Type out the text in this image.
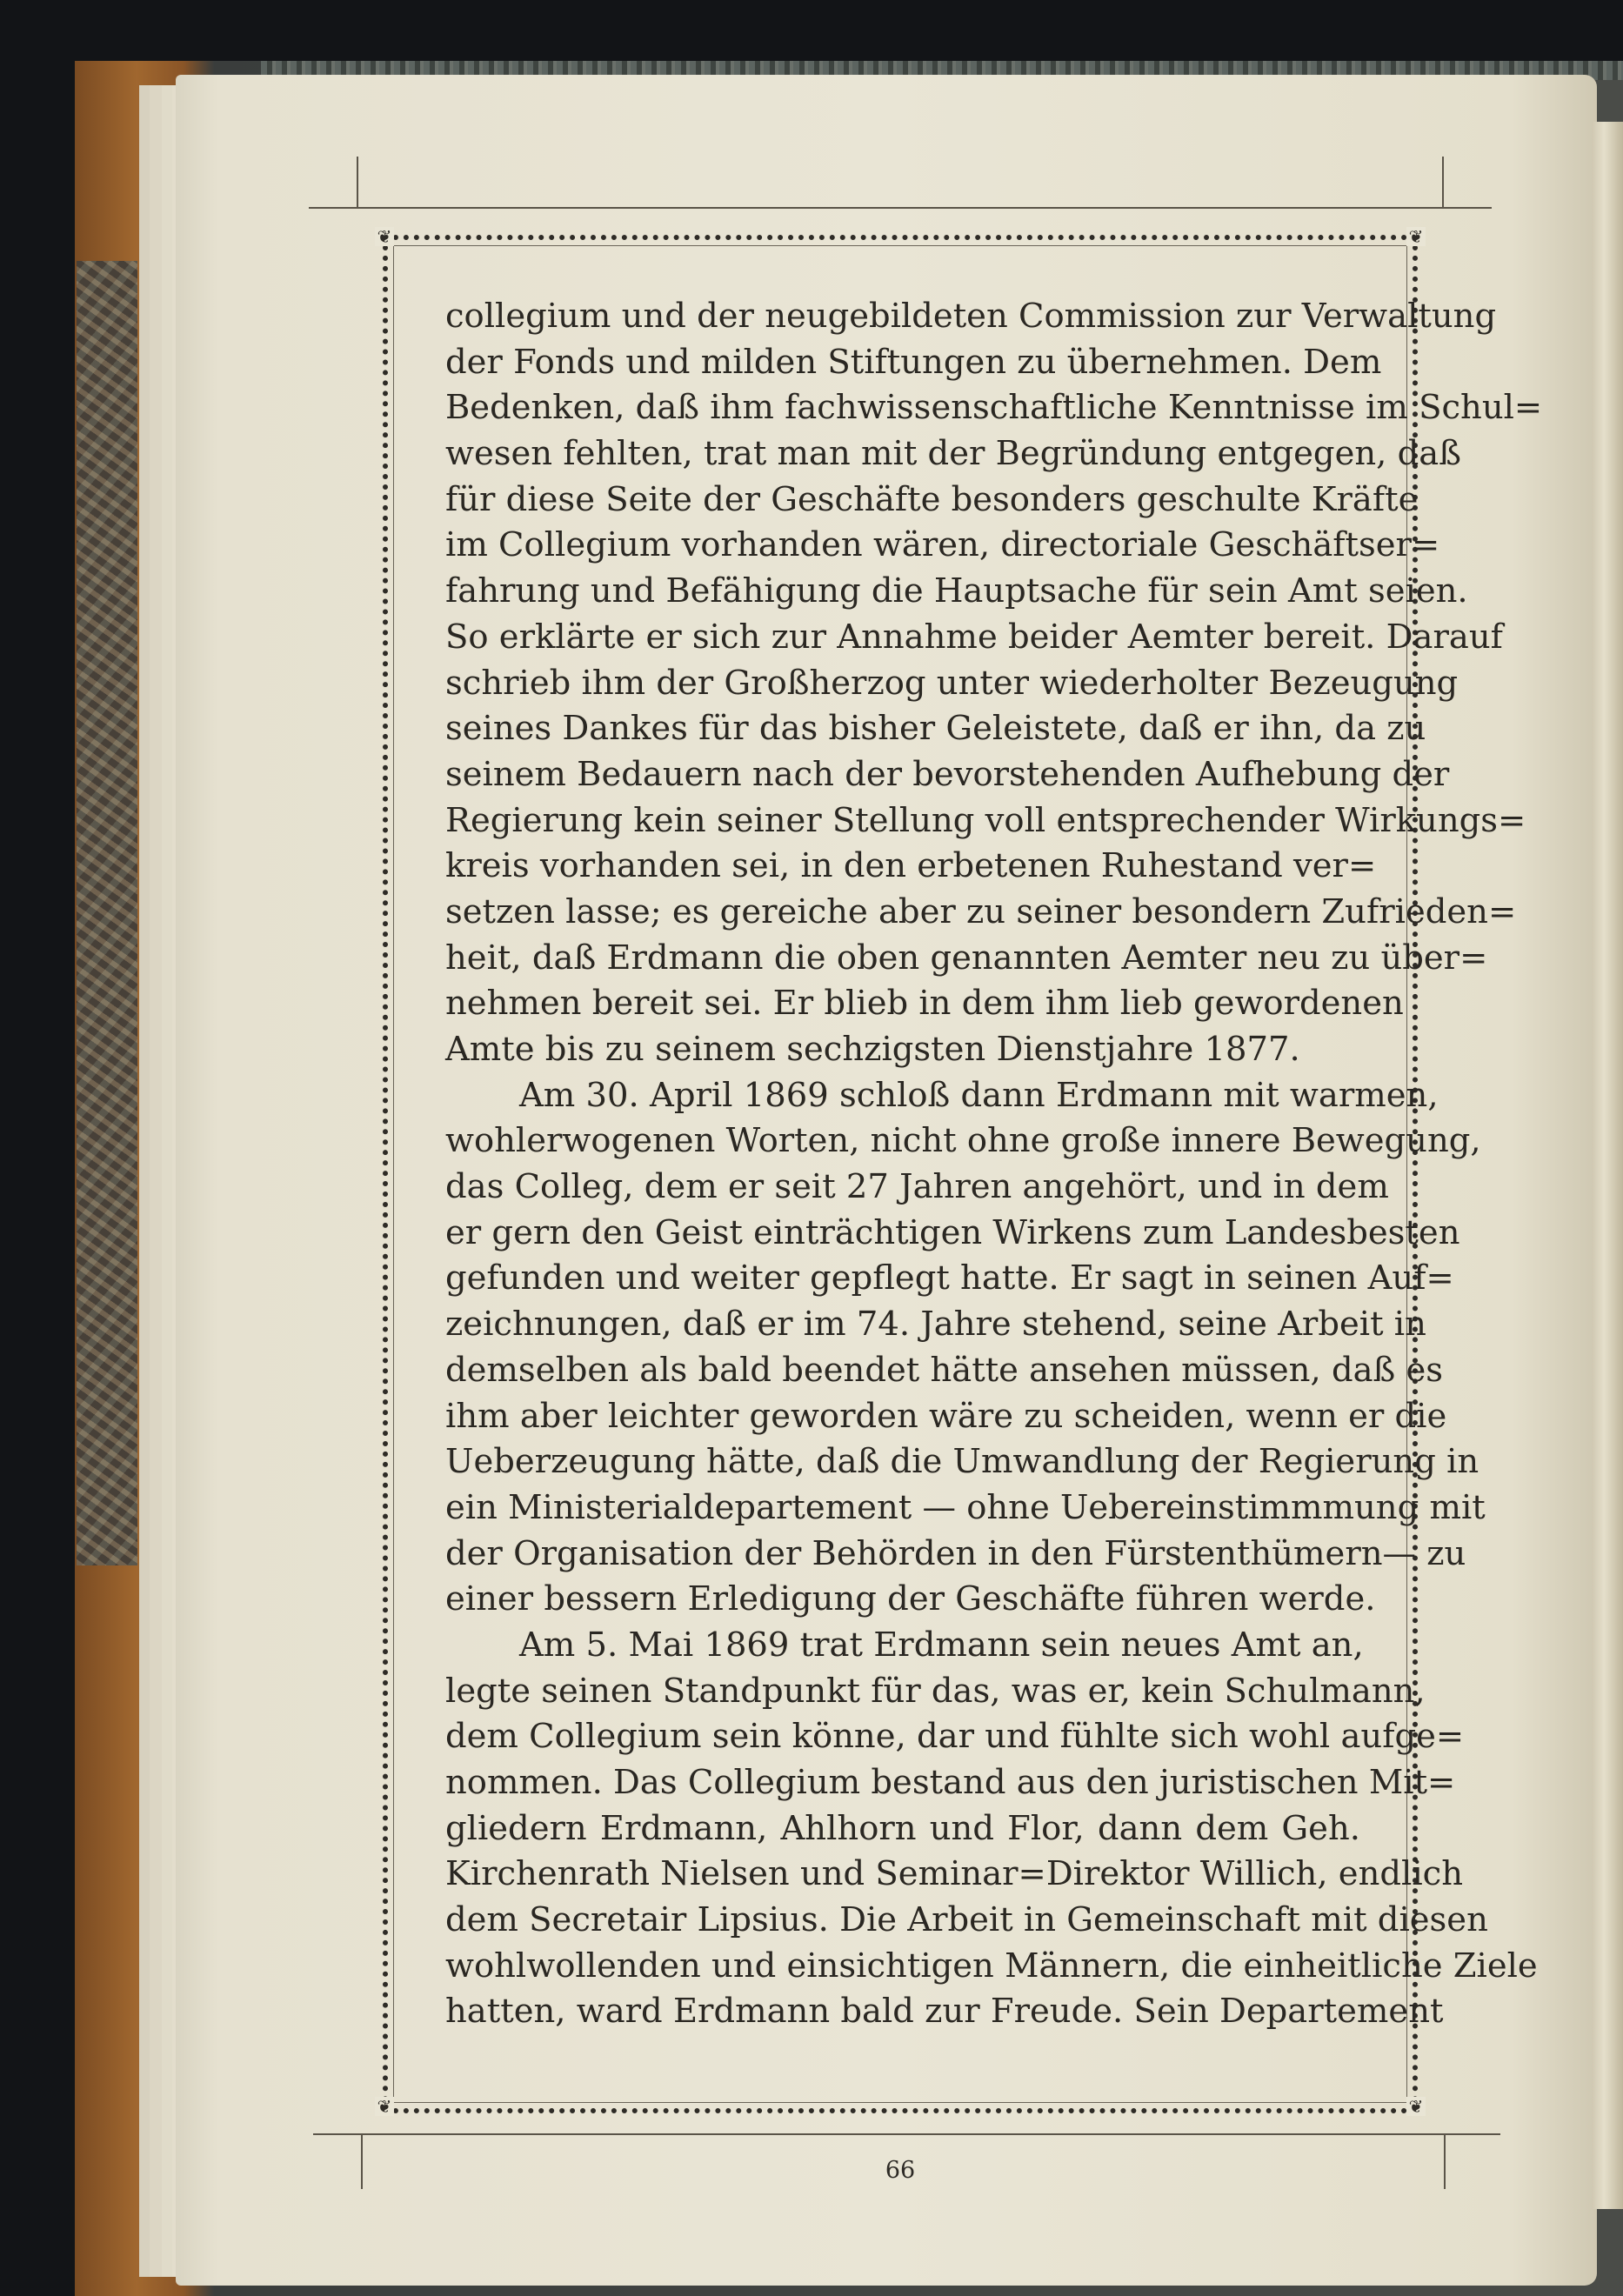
❦	❦
❦	❦
collegium und der neugebildeten Commission zur Verwaltung
der Fonds und milden Stiftungen zu übernehmen. Dem
Bedenken, daß ihm fachwissenschaftliche Kenntnisse im Schul=
wesen fehlten, trat man mit der Begründung entgegen, daß
für diese Seite der Geschäfte besonders geschulte Kräfte
im Collegium vorhanden wären, directoriale Geschäftser=
fahrung und Befähigung die Hauptsache für sein Amt seien.
So erklärte er sich zur Annahme beider Aemter bereit. Darauf
schrieb ihm der Großherzog unter wiederholter Bezeugung
seines Dankes für das bisher Geleistete, daß er ihn, da zu
seinem Bedauern nach der bevorstehenden Aufhebung der
Regierung kein seiner Stellung voll entsprechender Wirkungs=
kreis vorhanden sei, in den erbetenen Ruhestand ver=
setzen lasse; es gereiche aber zu seiner besondern Zufrieden=
heit, daß Erdmann die oben genannten Aemter neu zu über=
nehmen bereit sei. Er blieb in dem ihm lieb gewordenen
Amte bis zu seinem sechzigsten Dienstjahre 1877.
Am 30. April 1869 schloß dann Erdmann mit warmen,
wohlerwogenen Worten, nicht ohne große innere Bewegung,
das Colleg, dem er seit 27 Jahren angehört, und in dem
er gern den Geist einträchtigen Wirkens zum Landesbesten
gefunden und weiter gepflegt hatte. Er sagt in seinen Auf=
zeichnungen, daß er im 74. Jahre stehend, seine Arbeit in
demselben als bald beendet hätte ansehen müssen, daß es
ihm aber leichter geworden wäre zu scheiden, wenn er die
Ueberzeugung hätte, daß die Umwandlung der Regierung in
ein Ministerialdepartement — ohne Uebereinstimmmung mit
der Organisation der Behörden in den Fürstenthümern— zu
einer bessern Erledigung der Geschäfte führen werde.
Am 5. Mai 1869 trat Erdmann sein neues Amt an,
legte seinen Standpunkt für das, was er, kein Schulmann,
dem Collegium sein könne, dar und fühlte sich wohl aufge=
nommen. Das Collegium bestand aus den juristischen Mit=
gliedern Erdmann, Ahlhorn und Flor, dann dem Geh.
Kirchenrath Nielsen und Seminar=Direktor Willich, endlich
dem Secretair Lipsius. Die Arbeit in Gemeinschaft mit diesen
wohlwollenden und einsichtigen Männern, die einheitliche Ziele
hatten, ward Erdmann bald zur Freude. Sein Departement
66
